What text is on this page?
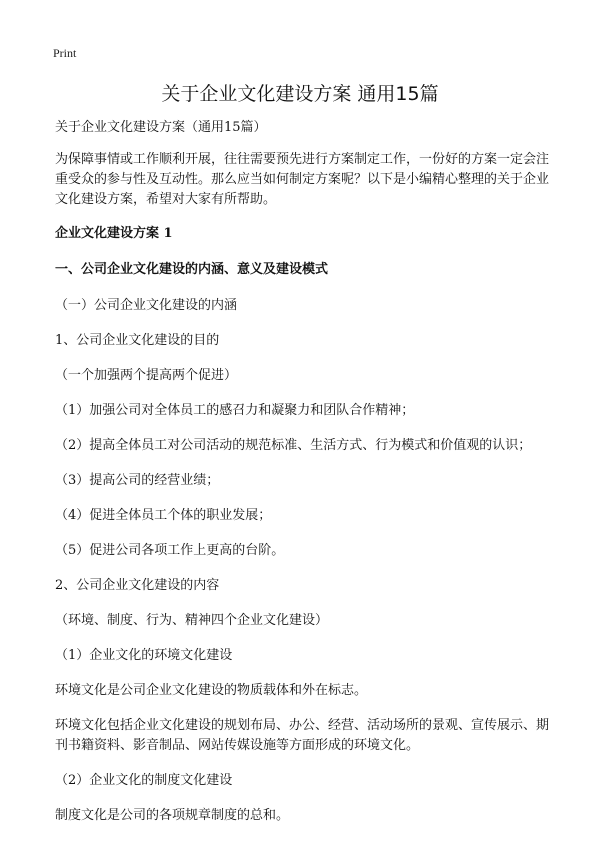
Print
关于企业文化建设方案 通用15篇

关于企业文化建设方案（通用15篇）

为保障事情或工作顺利开展，往往需要预先进行方案制定工作，一份好的方案一定会注重受众的参与性及互动性。那么应当如何制定方案呢？以下是小编精心整理的关于企业文化建设方案，希望对大家有所帮助。

企业文化建设方案 1

一、公司企业文化建设的内涵、意义及建设模式

（一）公司企业文化建设的内涵

1、公司企业文化建设的目的

（一个加强两个提高两个促进）

（1）加强公司对全体员工的感召力和凝聚力和团队合作精神；

（2）提高全体员工对公司活动的规范标准、生活方式、行为模式和价值观的认识；

（3）提高公司的经营业绩；

（4）促进全体员工个体的职业发展；

（5）促进公司各项工作上更高的台阶。

2、公司企业文化建设的内容

（环境、制度、行为、精神四个企业文化建设）

（1）企业文化的环境文化建设

环境文化是公司企业文化建设的物质载体和外在标志。

环境文化包括企业文化建设的规划布局、办公、经营、活动场所的景观、宣传展示、期刊书籍资料、影音制品、网站传媒设施等方面形成的环境文化。

（2）企业文化的制度文化建设

制度文化是公司的各项规章制度的总和。
